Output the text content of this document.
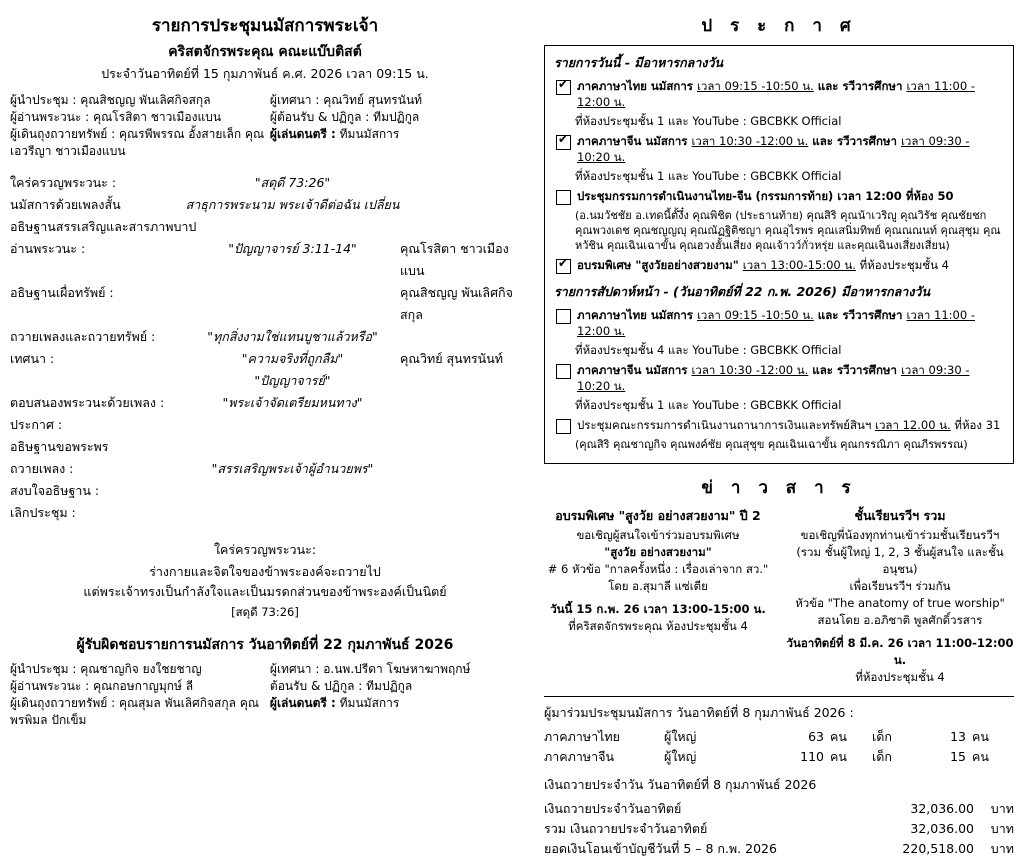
รายการประชุมนมัสการพระเจ้า
คริสตจักรพระคุณ คณะแบ๊บติสต์
ประจำวันอาทิตย์ที่ 15 กุมภาพันธ์ ค.ศ. 2026 เวลา 09:15 น.
ผู้นำประชุม : คุณสิชญญ พันเลิศกิจสกุล	ผู้เทศนา : คุณวิทย์ สุนทรนันท์
ผู้อ่านพระวนะ : คุณโรสิตา ชาวเมืองแบน	ผู้ต้อนรับ & ปฏิกูล : ทีมปฏิกูล
ผู้เดินถุงถวายทรัพย์ : คุณรพีพรรณ อั้งสายเล็ก คุณเอวรีญา ชาวเมืองแบน
ผู้เล่นดนตรี : ทีมนมัสการ
ใคร่ครวญพระวนะ :	"สดุดี 73:26"
นมัสการด้วยเพลงสั้น	สาธุการพระนาม พระเจ้าดีต่อฉัน เปลี่ยน
อธิษฐานสรรเสริญและสารภาพบาป
อ่านพระวนะ :	"ปัญญาจารย์ 3:11-14"	คุณโรสิตา ชาวเมืองแบน
อธิษฐานเผื่อทรัพย์ :	คุณสิชญญ พันเลิศกิจสกุล
ถวายเพลงและถวายทรัพย์ :	"ทุกสิ่งงามใช่แทนบูชาแล้วหรือ"
เทศนา :	"ความจริงที่ถูกลืม"	คุณวิทย์ สุนทรนันท์
"ปัญญาจารย์"
ตอบสนองพระวนะด้วยเพลง :	"พระเจ้าจัดเตรียมหนทาง"
ประกาศ :
อธิษฐานขอพระพร
ถวายเพลง :	"สรรเสริญพระเจ้าผู้อำนวยพร"
สงบใจอธิษฐาน :
เลิกประชุม :
ใคร่ครวญพระวนะ:
ร่างกายและจิตใจของข้าพระองค์จะถวายไป
แต่พระเจ้าทรงเป็นกำลังใจและเป็นมรดกส่วนของข้าพระองค์เป็นนิตย์
[สดุดี 73:26]
ผู้รับผิดชอบรายการนมัสการ วันอาทิตย์ที่ 22 กุมภาพันธ์ 2026
ผู้นำประชุม : คุณชาญกิจ ยงใชยชาญ	ผู้เทศนา : อ.นพ.ปรีดา โฆษหาฆาพฤกษ์
ผู้อ่านพระวนะ : คุณกอษกาญมุกษ์ ลี	ต้อนรับ & ปฏิกูล : ทีมปฏิกูล
ผู้เดินถุงถวายทรัพย์ : คุณสุมล พันเลิศกิจสกุล คุณพรพิมล ปักเข็ม
ผู้เล่นดนตรี : ทีมนมัสการ
ป ร ะ ก า ศ
รายการวันนี้ - มีอาหารกลางวัน
✔
ภาคภาษาไทย นมัสการ เวลา 09:15 -10:50 น. และ รวีวารศึกษา เวลา 11:00 - 12:00 น.
ที่ห้องประชุมชั้น 1 และ YouTube : GBCBKK Official
✔
ภาคภาษาจีน นมัสการ เวลา 10:30 -12:00 น. และ รวีวารศึกษา เวลา 09:30 - 10:20 น.
ที่ห้องประชุมชั้น 1 และ YouTube : GBCBKK Official
ประชุมกรรมการดำเนินงานไทย-จีน (กรรมการท้าย) เวลา 12:00 ที่ห้อง 50
(อ.นมวัชชัย อ.เทดนี้ตั้งึ๋ง คุณพิชิต (ประธานท้าย) คุณสิริ คุณน้าเวริญู คุณวิรัช คุณชัยชก คุณพวงเดช คุณชญญญุ คุณณัฏฐิติชญา คุณอุไรพร คุณเสนิ่มทิพย์ คุณณณนท์ คุณสุชุม คุณหวัชิน คุณเฉินเฉาขั้น คุณฮวงฮั้นเสี่ยง คุณเจ้าวว์กั่วหรุ่ย และคุณเฉินงเสี่ยงเสี่ยน)
✔
อบรมพิเศษ "สูงวัยอย่างสวยงาม" เวลา 13:00-15:00 น. ที่ห้องประชุมชั้น 4
รายการสัปดาห์หน้า - (วันอาทิตย์ที่ 22 ก.พ. 2026) มีอาหารกลางวัน
ภาคภาษาไทย นมัสการ เวลา 09:15 -10:50 น. และ รวีวารศึกษา เวลา 11:00 - 12:00 น.
ที่ห้องประชุมชั้น 4 และ YouTube : GBCBKK Official
ภาคภาษาจีน นมัสการ เวลา 10:30 -12:00 น. และ รวีวารศึกษา เวลา 09:30 - 10:20 น.
ที่ห้องประชุมชั้น 1 และ YouTube : GBCBKK Official
ประชุมคณะกรรมการดำเนินงานถานาการเงินและทรัพย์สินฯ เวลา 12.00 น. ที่ห้อง 31
(คุณสิริ คุณชาญกิจ คุณพงค์ชัย คุณสุชุข คุณเฉินเฉาขั้น คุณกรรณิภา คุณภีรพรรณ)
ข่ า ว ส า ร
อบรมพิเศษ "สูงวัย อย่างสวยงาม" ปี 2
ขอเชิญผู้สนใจเข้าร่วมอบรมพิเศษ
"สูงวัย อย่างสวยงาม"
# 6 หัวข้อ "กาลครั้งหนึ่ง : เรื่องเล่าจาก สว."
โดย อ.สุมาลี แซ่เตีย
วันนี้ 15 ก.พ. 26 เวลา 13:00-15:00 น.
ที่คริสตจักรพระคุณ ห้องประชุมชั้น 4
ชั้นเรียนรวีฯ รวม
ขอเชิญพี่น้องทุกท่านเข้าร่วมชั้นเรียนรวีฯ
(รวม ชั้นผู้ใหญ่ 1, 2, 3 ชั้นผู้สนใจ และชั้นอนุชน)
เพื่อเรียนรวีฯ ร่วมกัน
หัวข้อ "The anatomy of true worship"
สอนโดย อ.อภิชาติ พูลศักดิ์วรสาร
วันอาทิตย์ที่ 8 มี.ค. 26 เวลา 11:00-12:00 น.
ที่ห้องประชุมชั้น 4
ผู้มาร่วมประชุมนมัสการ วันอาทิตย์ที่ 8 กุมภาพันธ์ 2026 :
ภาคภาษาไทย	ผู้ใหญ่	63 คน	เด็ก	13 คน
ภาคภาษาจีน	ผู้ใหญ่	110 คน	เด็ก	15 คน
เงินถวายประจำวัน วันอาทิตย์ที่ 8 กุมภาพันธ์ 2026
เงินถวายประจำวันอาทิตย์	32,036.00	บาท
รวม เงินถวายประจำวันอาทิตย์	32,036.00	บาท
ยอดเงินโอนเข้าบัญชีวันที่ 5 – 8 ก.พ. 2026	220,518.00	บาท
